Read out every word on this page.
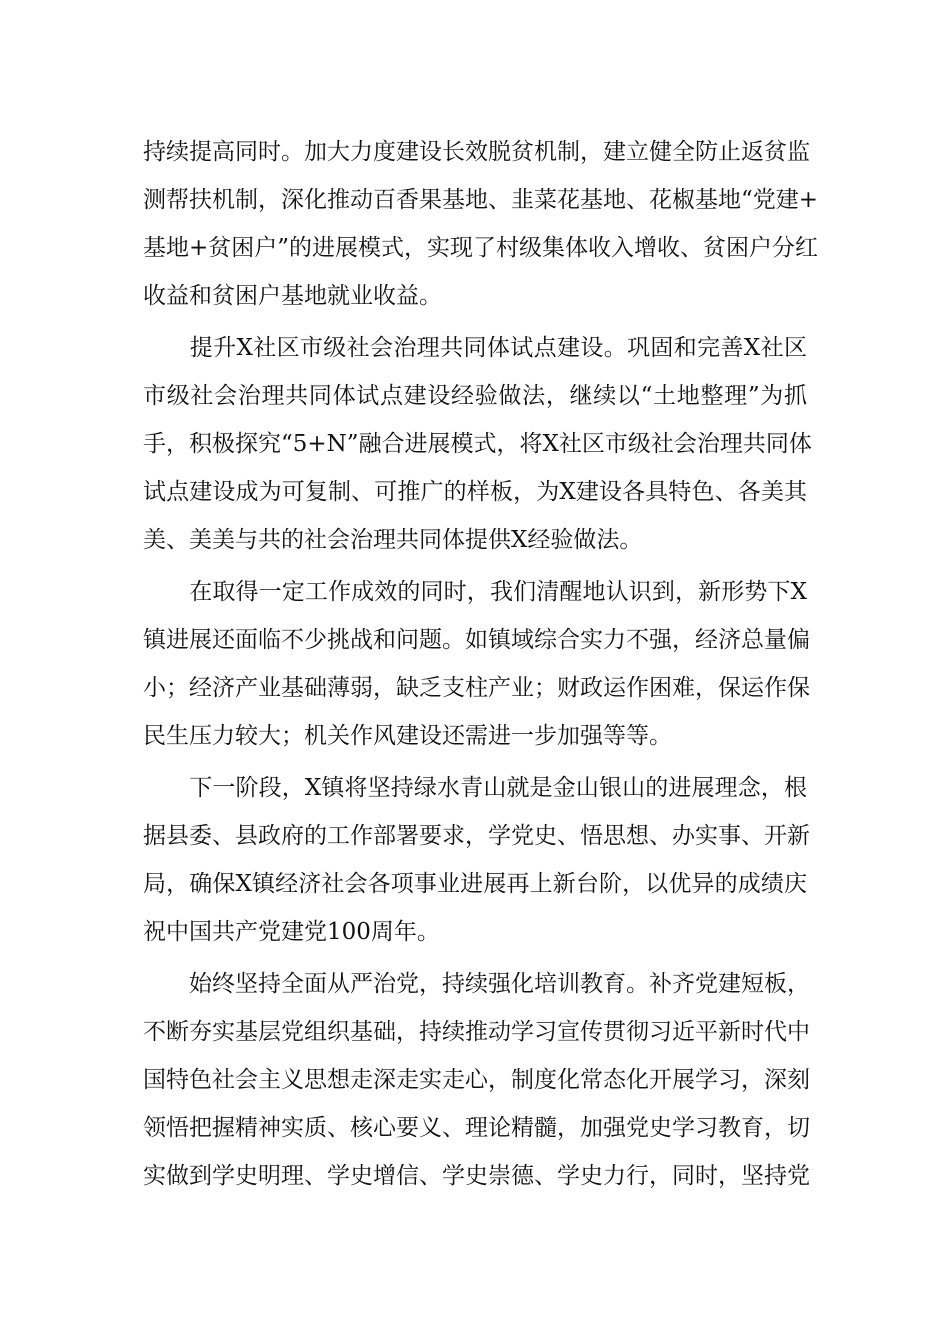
持续提高同时。加大力度建设长效脱贫机制，建立健全防止返贫监
测帮扶机制，深化推动百香果基地、韭菜花基地、花椒基地“党建+
基地+贫困户”的进展模式，实现了村级集体收入增收、贫困户分红
收益和贫困户基地就业收益。
　　提升X社区市级社会治理共同体试点建设。巩固和完善X社区
市级社会治理共同体试点建设经验做法，继续以“土地整理”为抓
手，积极探究“5+N”融合进展模式，将X社区市级社会治理共同体
试点建设成为可复制、可推广的样板，为X建设各具特色、各美其
美、美美与共的社会治理共同体提供X经验做法。
　　在取得一定工作成效的同时，我们清醒地认识到，新形势下X
镇进展还面临不少挑战和问题。如镇域综合实力不强，经济总量偏
小；经济产业基础薄弱，缺乏支柱产业；财政运作困难，保运作保
民生压力较大；机关作风建设还需进一步加强等等。
　　下一阶段，X镇将坚持绿水青山就是金山银山的进展理念，根
据县委、县政府的工作部署要求，学党史、悟思想、办实事、开新
局，确保X镇经济社会各项事业进展再上新台阶，以优异的成绩庆
祝中国共产党建党100周年。
　　始终坚持全面从严治党，持续强化培训教育。补齐党建短板，
不断夯实基层党组织基础，持续推动学习宣传贯彻习近平新时代中
国特色社会主义思想走深走实走心，制度化常态化开展学习，深刻
领悟把握精神实质、核心要义、理论精髓，加强党史学习教育，切
实做到学史明理、学史增信、学史崇德、学史力行，同时，坚持党
